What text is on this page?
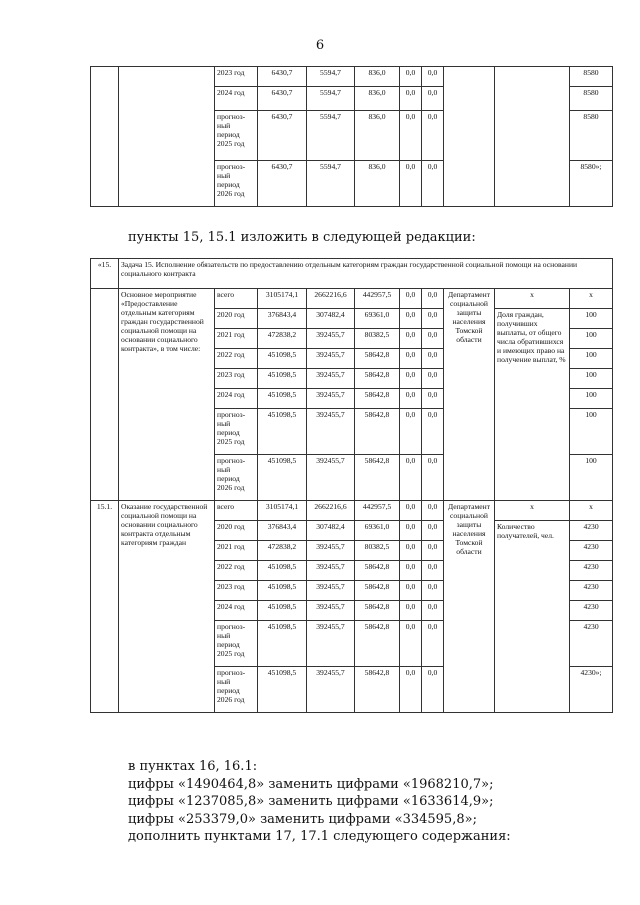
6
		2023 год	6430,7	5594,7	836,0	0,0	0,0			8580
		2024 год	6430,7	5594,7	836,0	0,0	0,0			8580
		прогноз-
ный
период
2025 год	6430,7	5594,7	836,0	0,0	0,0			8580
		прогноз-
ный
период
2026 год	6430,7	5594,7	836,0	0,0	0,0			8580»;
пункты 15, 15.1 изложить в следующей редакции:
«15.	Задача 15. Исполнение обязательств по предоставлению отдельным категориям граждан государственной социальной помощи на основании социального контракта									
	Основное мероприятие «Предоставление отдельным категориям граждан государственной социальной помощи на основании социального контракта», в том числе:	всего	3105174,1	2662216,6	442957,5	0,0	0,0	Департамент социальной защиты населения Томской области	х	х
		2020 год	376843,4	307482,4	69361,0	0,0	0,0		Доля граждан, получивших выплаты, от общего числа обратившихся и имеющих право на получение выплат, %	100
		2021 год	472838,2	392455,7	80382,5	0,0	0,0			100
		2022 год	451098,5	392455,7	58642,8	0,0	0,0			100
		2023 год	451098,5	392455,7	58642,8	0,0	0,0			100
		2024 год	451098,5	392455,7	58642,8	0,0	0,0			100
		прогноз-
ный
период
2025 год	451098,5	392455,7	58642,8	0,0	0,0			100
		прогноз-
ный
период
2026 год	451098,5	392455,7	58642,8	0,0	0,0			100
15.1.	Оказание государственной социальной помощи на основании социального контракта отдельным категориям граждан	всего	3105174,1	2662216,6	442957,5	0,0	0,0	Департамент социальной защиты населения Томской области	х	х
		2020 год	376843,4	307482,4	69361,0	0,0	0,0		Количество получателей, чел.	4230
		2021 год	472838,2	392455,7	80382,5	0,0	0,0			4230
		2022 год	451098,5	392455,7	58642,8	0,0	0,0			4230
		2023 год	451098,5	392455,7	58642,8	0,0	0,0			4230
		2024 год	451098,5	392455,7	58642,8	0,0	0,0			4230
		прогноз-
ный
период
2025 год	451098,5	392455,7	58642,8	0,0	0,0			4230
		прогноз-
ный
период
2026 год	451098,5	392455,7	58642,8	0,0	0,0			4230»;
в пунктах 16, 16.1:
цифры «1490464,8» заменить цифрами «1968210,7»;
цифры «1237085,8» заменить цифрами «1633614,9»;
цифры «253379,0» заменить цифрами «334595,8»;
дополнить пунктами 17, 17.1 следующего содержания:
